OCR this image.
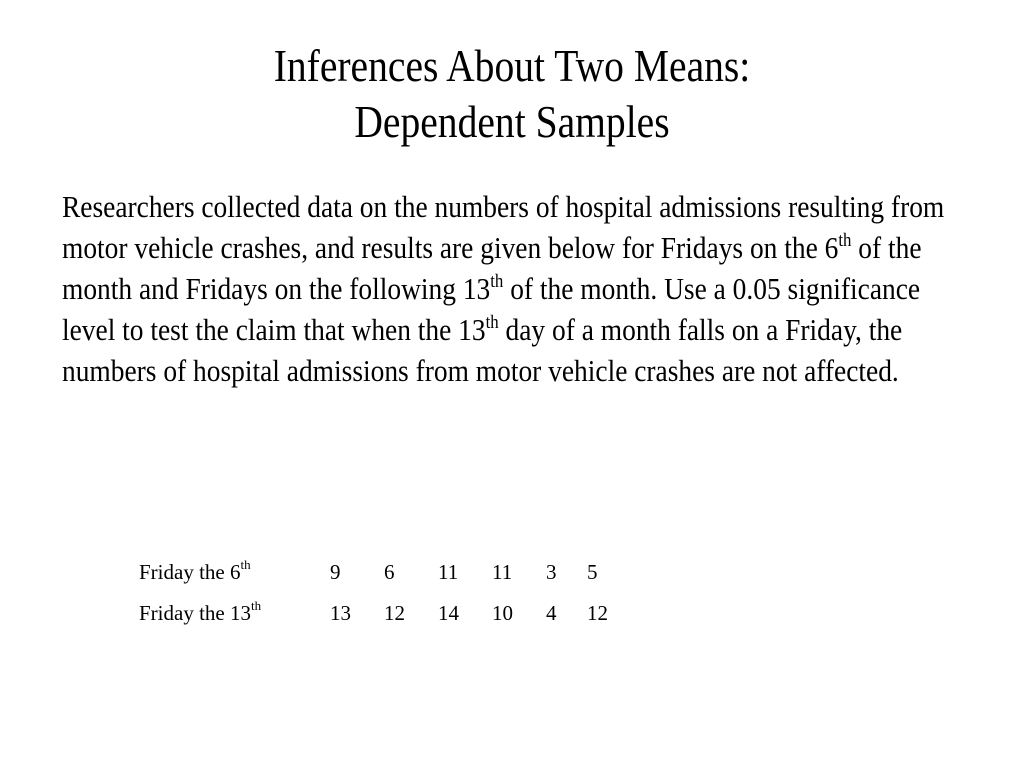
Inferences About Two Means:
Dependent Samples
Researchers collected data on the numbers of hospital admissions resulting from motor vehicle crashes, and results are given below for Fridays on the 6th of the month and Fridays on the following 13th of the month. Use a 0.05 significance level to test the claim that when the 13th day of a month falls on a Friday, the numbers of hospital admissions from motor vehicle crashes are not affected.
Friday the 6th	9	6	11	11	3	5
Friday the 13th	13	12	14	10	4	12
